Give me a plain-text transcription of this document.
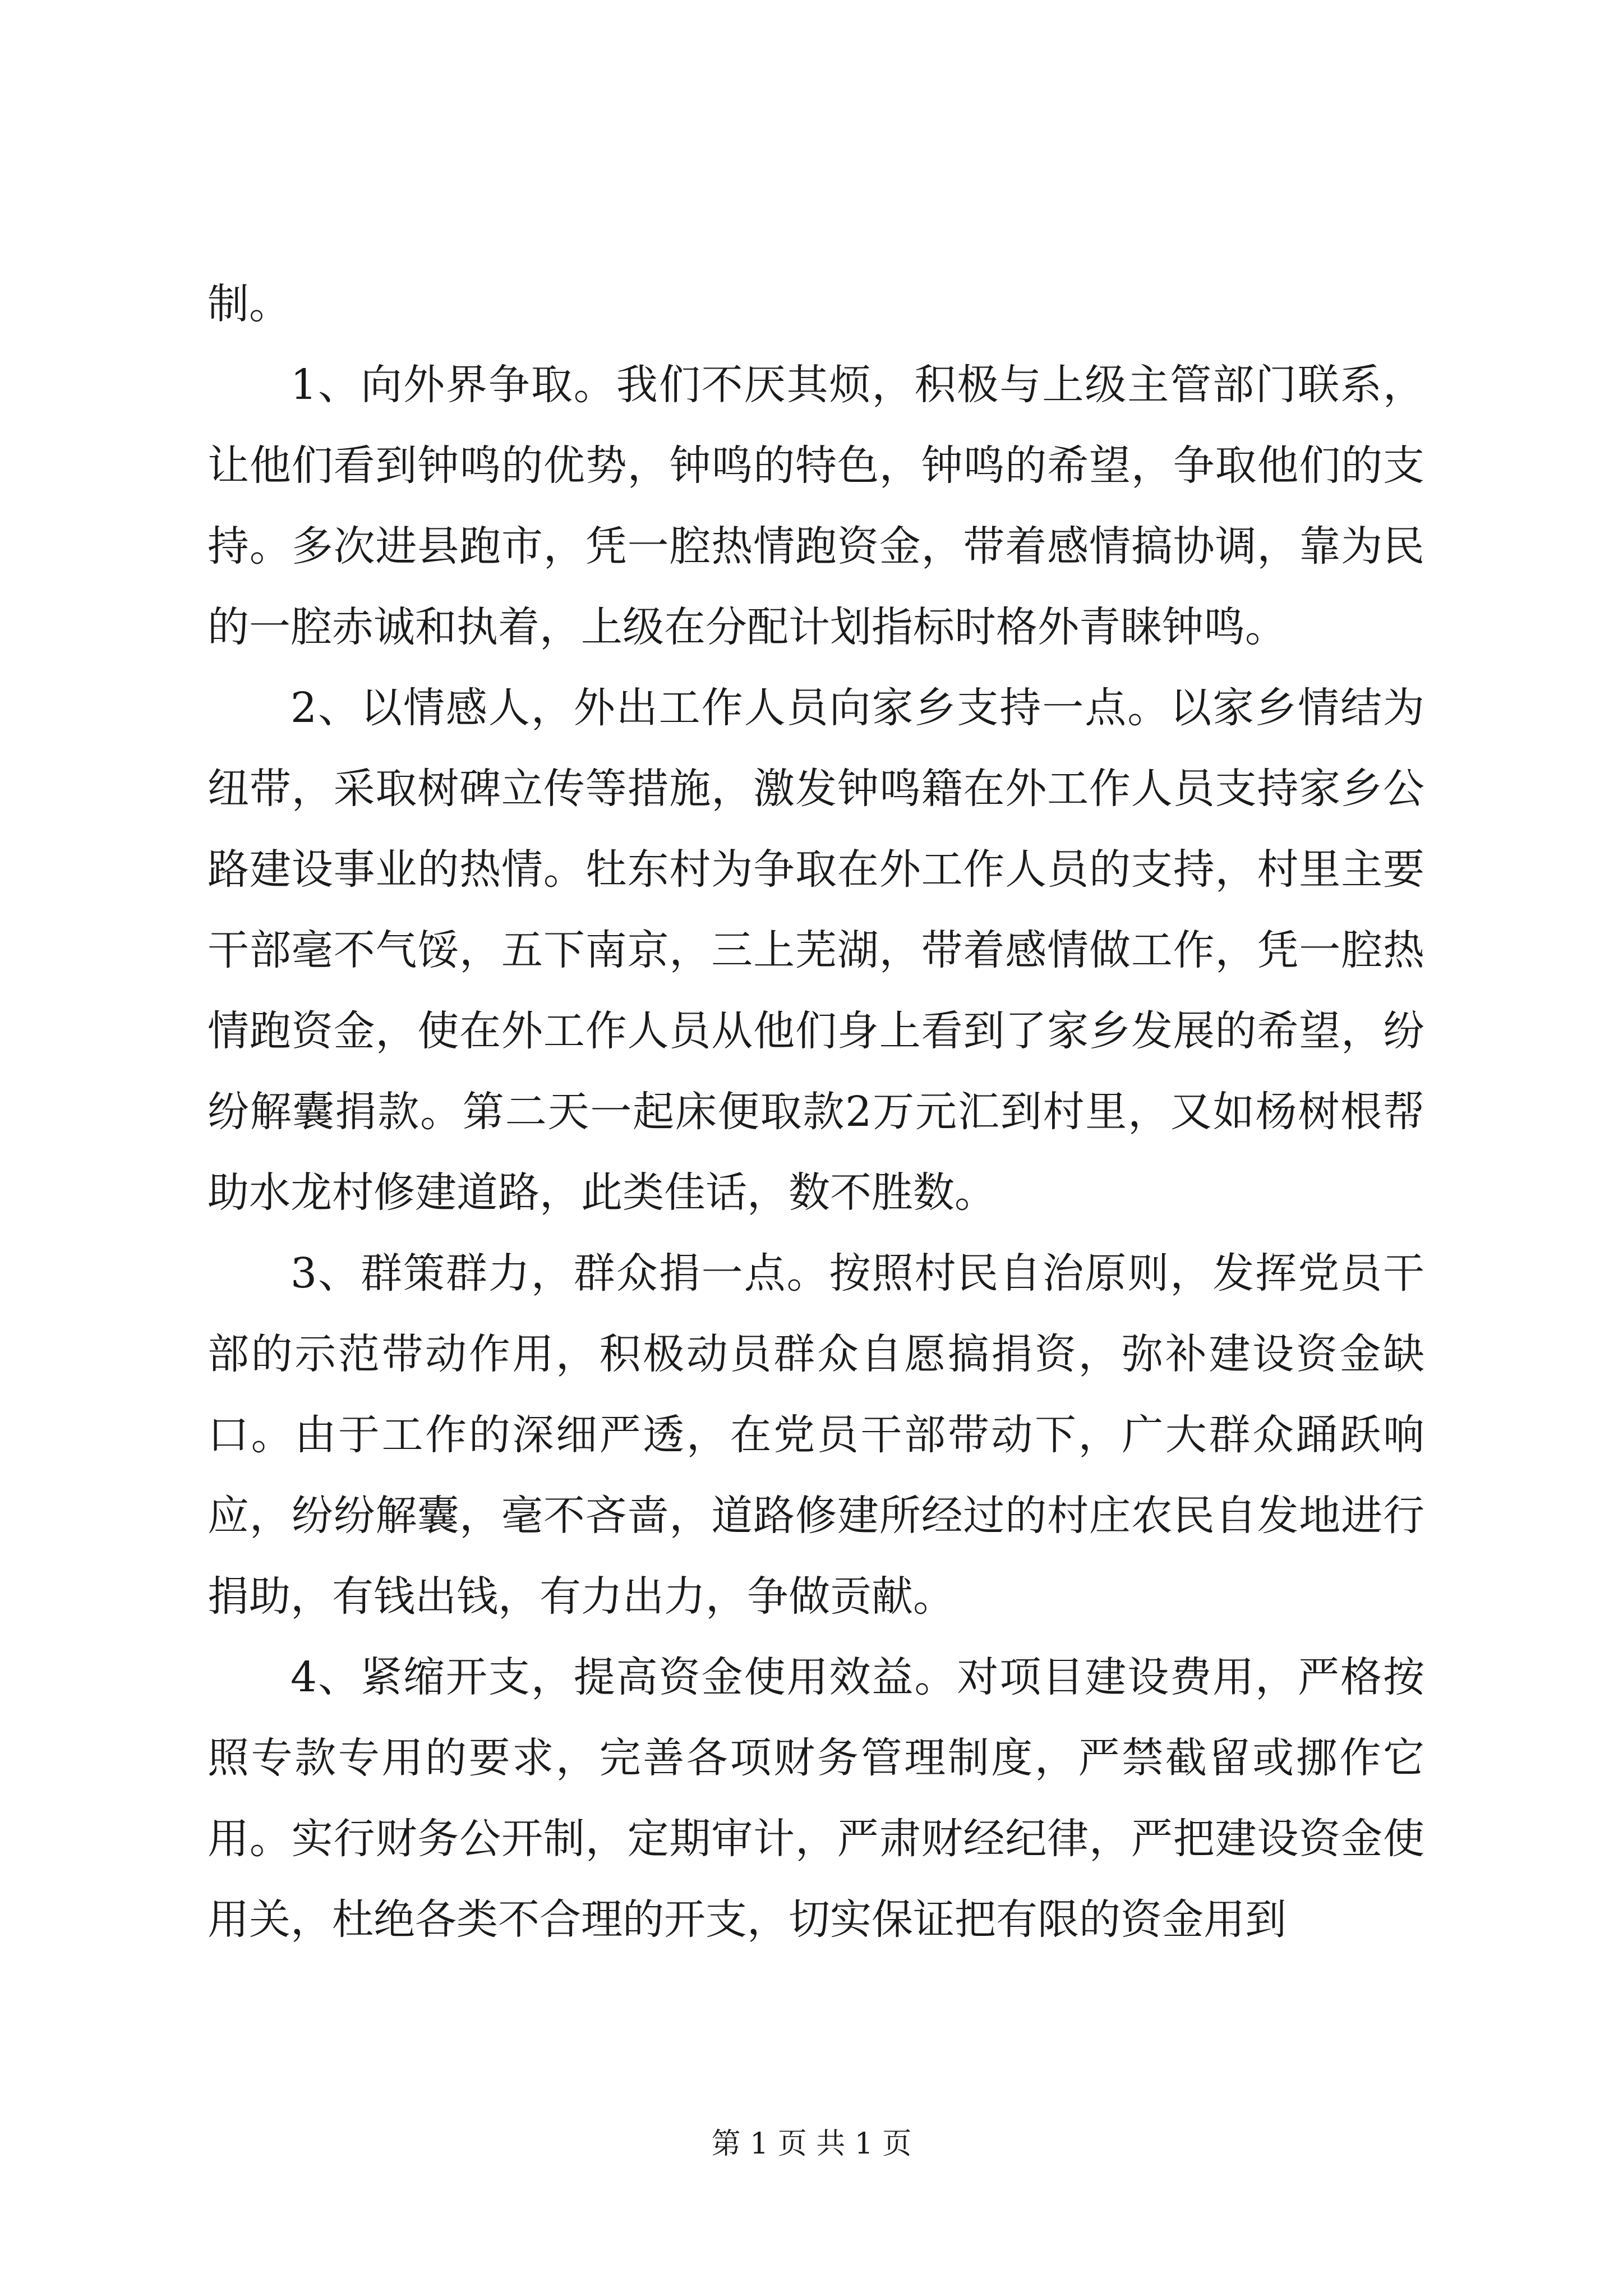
制。

1、向外界争取。我们不厌其烦，积极与上级主管部门联系，让他们看到钟鸣的优势，钟鸣的特色，钟鸣的希望，争取他们的支持。多次进县跑市，凭一腔热情跑资金，带着感情搞协调，靠为民的一腔赤诚和执着，上级在分配计划指标时格外青睐钟鸣。

2、以情感人，外出工作人员向家乡支持一点。以家乡情结为纽带，采取树碑立传等措施，激发钟鸣籍在外工作人员支持家乡公路建设事业的热情。牡东村为争取在外工作人员的支持，村里主要干部毫不气馁，五下南京，三上芜湖，带着感情做工作，凭一腔热情跑资金，使在外工作人员从他们身上看到了家乡发展的希望，纷纷解囊捐款。第二天一起床便取款2万元汇到村里，又如杨树根帮助水龙村修建道路，此类佳话，数不胜数。

3、群策群力，群众捐一点。按照村民自治原则，发挥党员干部的示范带动作用，积极动员群众自愿搞捐资，弥补建设资金缺口。由于工作的深细严透，在党员干部带动下，广大群众踊跃响应，纷纷解囊，毫不吝啬，道路修建所经过的村庄农民自发地进行捐助，有钱出钱，有力出力，争做贡献。

4、紧缩开支，提高资金使用效益。对项目建设费用，严格按照专款专用的要求，完善各项财务管理制度，严禁截留或挪作它用。实行财务公开制，定期审计，严肃财经纪律，严把建设资金使用关，杜绝各类不合理的开支，切实保证把有限的资金用到

第 1 页 共 1 页
